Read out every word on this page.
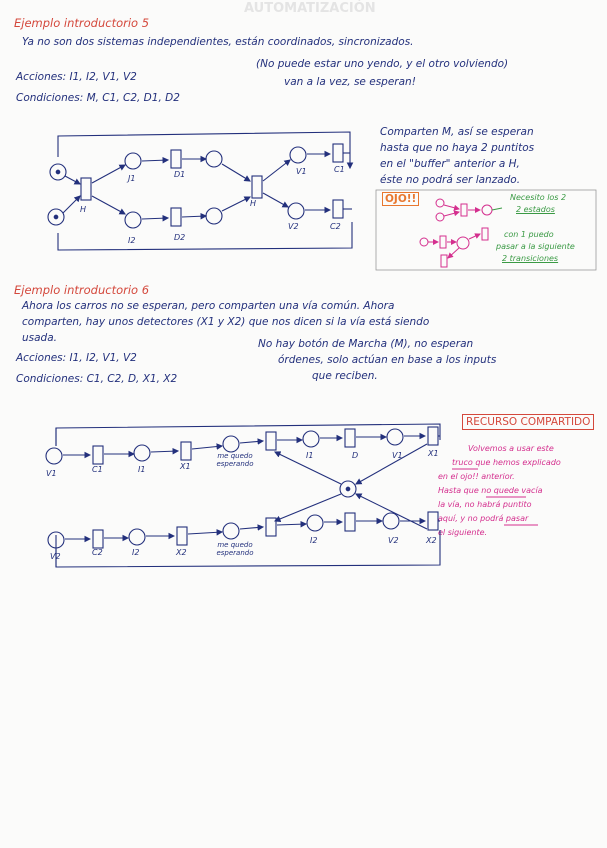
AUTOMATIZACIÓN
Ejemplo introductorio 5
Ya no son dos sistemas independientes, están coordinados, sincronizados.
Acciones: I1, I2, V1, V2
Condiciones: M, C1, C2, D1, D2
(No puede estar uno yendo, y el otro volviendo)
van a la vez, se esperan!
Comparten M, así se esperan
hasta que no haya 2 puntitos
en el "buffer" anterior a H,
éste no podrá ser lanzado.
OJO!!	Necesito los 2
2 estados
con 1 puedo
pasar a la siguiente
2 transiciones
J1	D1
H
H
V1	C1
I2	D2
V2	C2
Ejemplo introductorio 6
Ahora los carros no se esperan, pero comparten una vía común. Ahora
comparten, hay unos detectores (X1 y X2) que nos dicen si la vía está siendo
usada.
Acciones: I1, I2, V1, V2
Condiciones: C1, C2, D, X1, X2
No hay botón de Marcha (M), no esperan
órdenes, solo actúan en base a los inputs
que reciben.
RECURSO COMPARTIDO
Volvemos a usar este
truco que hemos explicado
en el ojo!! anterior.
Hasta que no quede vacía
la vía, no habrá puntito
aquí, y no podrá pasar
el siguiente.
V1	C1	I1	X1
me quedo esperando
I1	D	V1	X1
V2	C2	I2	X2
me quedo esperando
I2	V2	X2
